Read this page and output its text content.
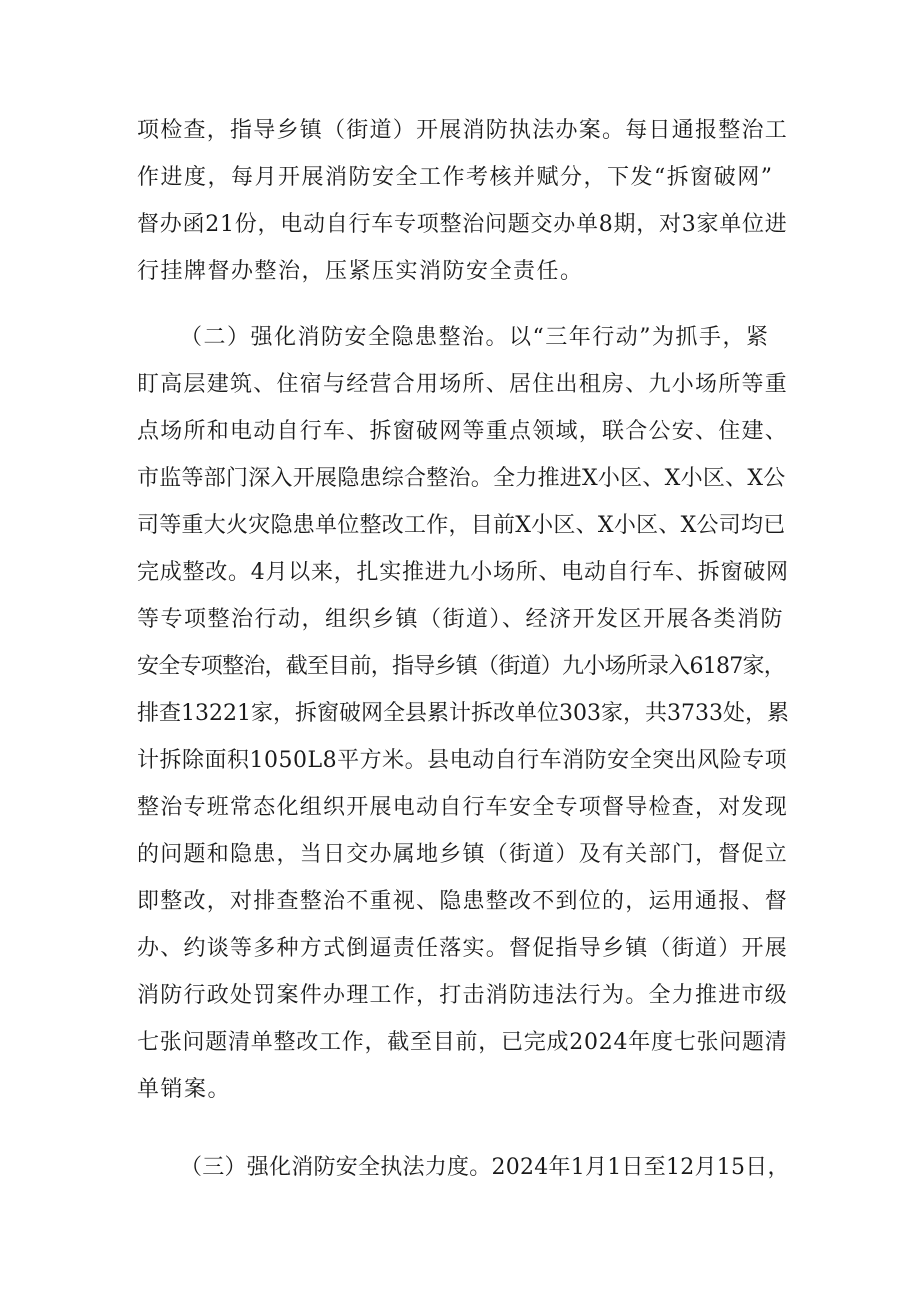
项检查，指导乡镇（街道）开展消防执法办案。每日通报整治工
作进度，每月开展消防安全工作考核并赋分，下发“拆窗破网”
督办函21份，电动自行车专项整治问题交办单8期，对3家单位进
行挂牌督办整治，压紧压实消防安全责任。
（二）强化消防安全隐患整治。以“三年行动”为抓手，紧
盯高层建筑、住宿与经营合用场所、居住出租房、九小场所等重
点场所和电动自行车、拆窗破网等重点领域，联合公安、住建、
市监等部门深入开展隐患综合整治。全力推进X小区、X小区、X公
司等重大火灾隐患单位整改工作，目前X小区、X小区、X公司均已
完成整改。4月以来，扎实推进九小场所、电动自行车、拆窗破网
等专项整治行动，组织乡镇（街道）、经济开发区开展各类消防
安全专项整治，截至目前，指导乡镇（街道）九小场所录入6187家，
排查13221家，拆窗破网全县累计拆改单位303家，共3733处，累
计拆除面积1050L8平方米。县电动自行车消防安全突出风险专项
整治专班常态化组织开展电动自行车安全专项督导检查，对发现
的问题和隐患，当日交办属地乡镇（街道）及有关部门，督促立
即整改，对排查整治不重视、隐患整改不到位的，运用通报、督
办、约谈等多种方式倒逼责任落实。督促指导乡镇（街道）开展
消防行政处罚案件办理工作，打击消防违法行为。全力推进市级
七张问题清单整改工作，截至目前，已完成2024年度七张问题清
单销案。
（三）强化消防安全执法力度。2024年1月1日至12月15日，
